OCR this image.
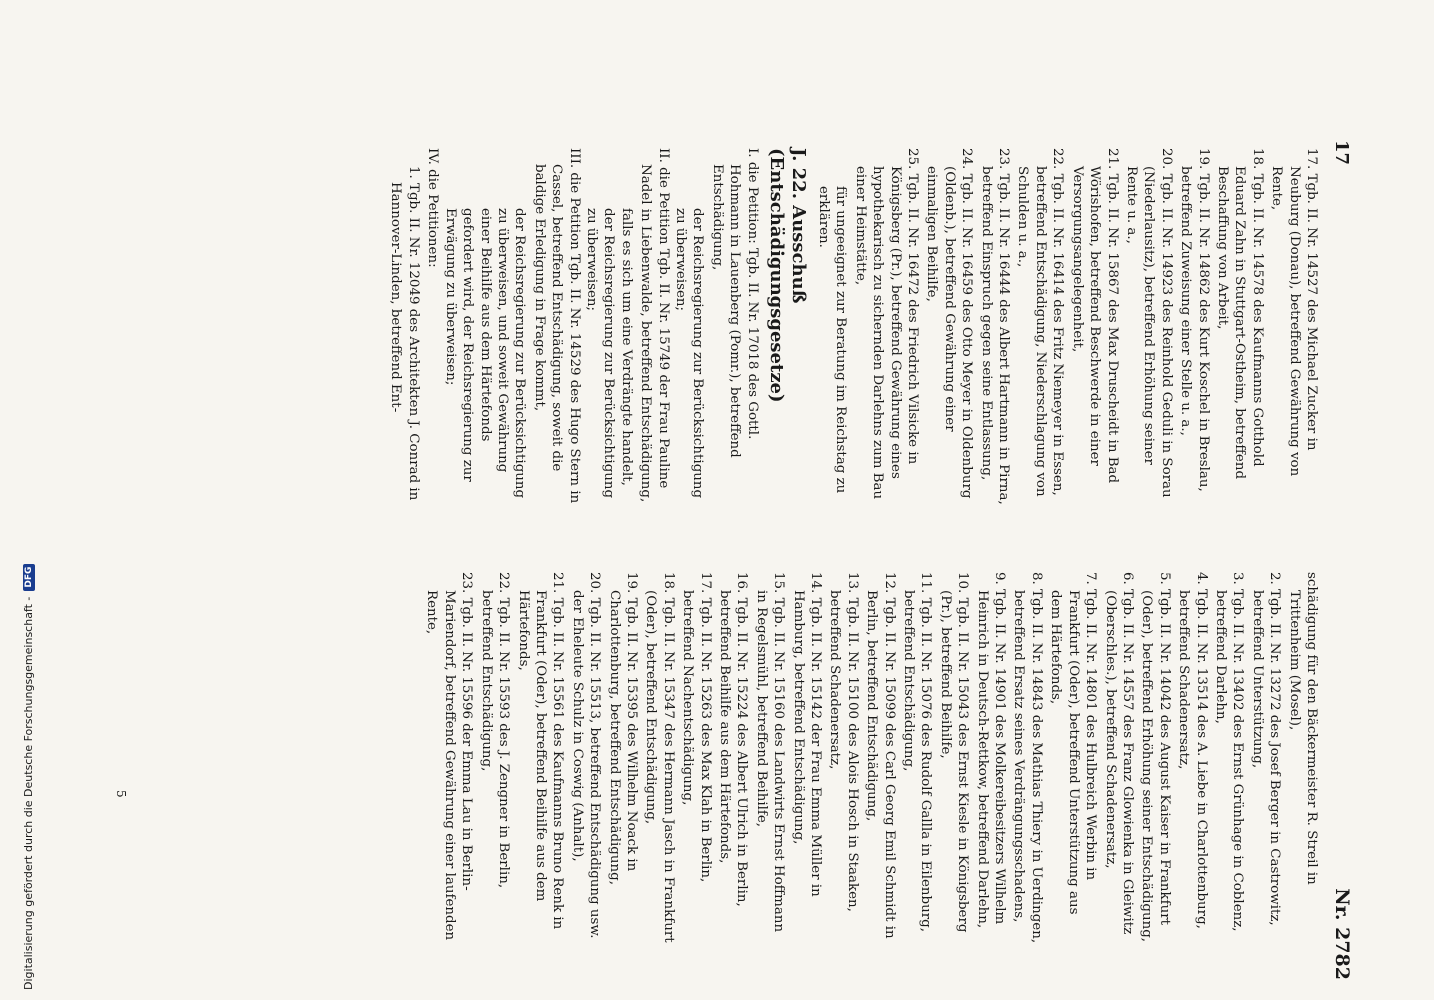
17
Nr. 2782
17. Tgb. II. Nr. 14527 des Michael Zucker in Neuburg (Donau), betreffend Gewährung von Rente,
18. Tgb. II. Nr. 14578 des Kaufmanns Gotthold Eduard Zahn in Stuttgart-Ostheim, betreffend Beschaffung von Arbeit,
19. Tgb. II. Nr. 14862 des Kurt Koschel in Breslau, betreffend Zuweisung einer Stelle u. a.,
20. Tgb. II. Nr. 14923 des Reinhold Geduli in Sorau (Niederlausitz), betreffend Erhöhung seiner Rente u. a.,
21. Tgb. II. Nr. 15867 des Max Druscheidt in Bad Wörishofen, betreffend Beschwerde in einer Versorgungsangelegenheit,
22. Tgb. II. Nr. 16414 des Fritz Niemeyer in Essen, betreffend Entschädigung, Niederschlagung von Schulden u. a.,
23. Tgb. II. Nr. 16444 des Albert Hartmann in Pirna, betreffend Einspruch gegen seine Entlassung,
24. Tgb. II. Nr. 16459 des Otto Meyer in Oldenburg (Oldenb.), betreffend Gewährung einer einmaligen Beihilfe,
25. Tgb. II. Nr. 16472 des Friedrich Vilsicke in Königsberg (Pr.), betreffend Gewährung eines hypothekarisch zu sichernden Darlehns zum Bau einer Heimstätte,
für ungeeignet zur Beratung im Reichstag zu erklären.
J. 22. Ausschuß (Entschädigungsgesetze)
I. die Petition: Tgb. II. Nr. 17018 des Gottl. Hohmann in Lauenberg (Pomr.), betreffend Entschädigung,
der Reichsregierung zur Berücksichtigung zu überweisen;
II. die Petition Tgb. II. Nr. 15749 der Frau Pauline Nadel in Liebenwalde, betreffend Entschädigung,
falls es sich um eine Verdrängte handelt, der Reichsregierung zur Berücksichtigung zu überweisen;
III. die Petition Tgb. II. Nr. 14529 des Hugo Stern in Cassel, betreffend Entschädigung, soweit die baldige Erledigung in Frage kommt,
der Reichsregierung zur Berücksichtigung zu überweisen, und soweit Gewährung einer Beihilfe aus dem Härtefonds gefordert wird, der Reichsregierung zur Erwägung zu überweisen;
IV. die Petitionen:
1. Tgb. II. Nr. 12049 des Architekten J. Conrad in Hannover-Linden, betreffend Ent-
schädigung für den Bäckermeister R. Streil in Trittenheim (Mosel),
2. Tgb. II. Nr. 13272 des Josef Berger in Castrowitz, betreffend Unterstützung,
3. Tgb. II. Nr. 13402 des Ernst Grünhage in Coblenz, betreffend Darlehn,
4. Tgb. II. Nr. 13514 des A. Liebe in Charlottenburg, betreffend Schadenersatz,
5. Tgb. II. Nr. 14042 des August Kaiser in Frankfurt (Oder), betreffend Erhöhung seiner Entschädigung,
6. Tgb. II. Nr. 14557 des Franz Glowienka in Gleiwitz (Oberschles.), betreffend Schadenersatz,
7. Tgb. II. Nr. 14801 des Hulbreich Werbin in Frankfurt (Oder), betreffend Unterstützung aus dem Härtefonds,
8. Tgb. II. Nr. 14843 des Mathias Thiery in Uerdingen, betreffend Ersatz seines Verdrängungsschadens,
9. Tgb. II. Nr. 14901 des Molkereibesitzers Wilhelm Heinrich in Deutsch-Rettkow, betreffend Darlehn,
10. Tgb. II. Nr. 15043 des Ernst Kiesle in Königsberg (Pr.), betreffend Beihilfe,
11. Tgb. II. Nr. 15076 des Rudolf Gallla in Eilenburg, betreffend Entschädigung,
12. Tgb. II. Nr. 15099 des Carl Georg Emil Schmidt in Berlin, betreffend Entschädigung,
13. Tgb. II. Nr. 15100 des Alois Hosch in Staaken, betreffend Schadenersatz,
14. Tgb. II. Nr. 15142 der Frau Emma Müller in Hamburg, betreffend Entschädigung,
15. Tgb. II. Nr. 15160 des Landwirts Ernst Hoffmann in Regelsmühl, betreffend Beihilfe,
16. Tgb. II. Nr. 15224 des Albert Ulrich in Berlin, betreffend Beihilfe aus dem Härtefonds,
17. Tgb. II. Nr. 15263 des Max Klah in Berlin, betreffend Nachentschädigung,
18. Tgb. II. Nr. 15347 des Hermann Jasch in Frankfurt (Oder), betreffend Entschädigung,
19. Tgb. II. Nr. 15395 des Wilhelm Noack in Charlottenburg, betreffend Entschädigung,
20. Tgb. II. Nr. 15513, betreffend Entschädigung usw. der Eheleute Schulz in Coswig (Anhalt),
21. Tgb. II. Nr. 15561 des Kaufmanns Bruno Renk in Frankfurt (Oder), betreffend Beihilfe aus dem Härtefonds,
22. Tgb. II. Nr. 15593 des J. Zengner in Berlin, betreffend Entschädigung,
23. Tgb. II. Nr. 15596 der Emma Lau in Berlin-Mariendorf, betreffend Gewährung einer laufenden Rente,
5
Digitalisierung gefördert durch die Deutsche Forschungsgemeinschaft -
DFG
